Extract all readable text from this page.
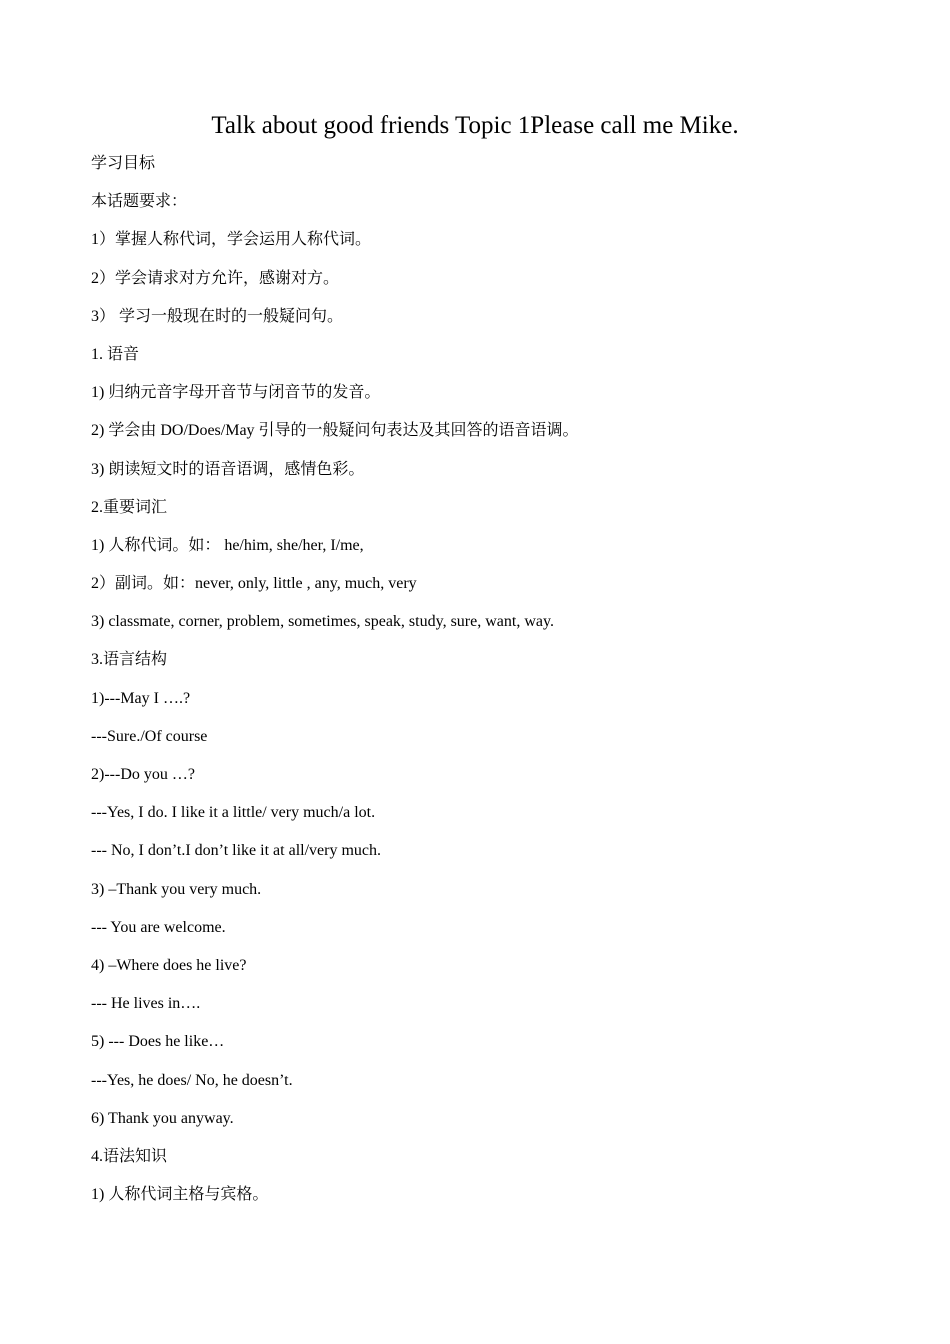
Talk about good friends Topic 1Please call me Mike.
学习目标
本话题要求：
1）掌握人称代词，学会运用人称代词。
2）学会请求对方允许，感谢对方。
3） 学习一般现在时的一般疑问句。
1. 语音
1) 归纳元音字母开音节与闭音节的发音。
2) 学会由 DO/Does/May 引导的一般疑问句表达及其回答的语音语调。
3) 朗读短文时的语音语调，感情色彩。
2.重要词汇
1) 人称代词。如： he/him, she/her, I/me,
2）副词。如：never, only, little , any, much, very
3) classmate, corner, problem, sometimes, speak, study, sure, want, way.
3.语言结构
1)---May I ….?
---Sure./Of course
2)---Do you …?
---Yes, I do. I like it a little/ very much/a lot.
--- No, I don’t.I don’t like it at all/very much.
3) –Thank you very much.
--- You are welcome.
4) –Where does he live?
--- He lives in….
5) --- Does he like…
---Yes, he does/ No, he doesn’t.
6) Thank you anyway.
4.语法知识
1) 人称代词主格与宾格。
